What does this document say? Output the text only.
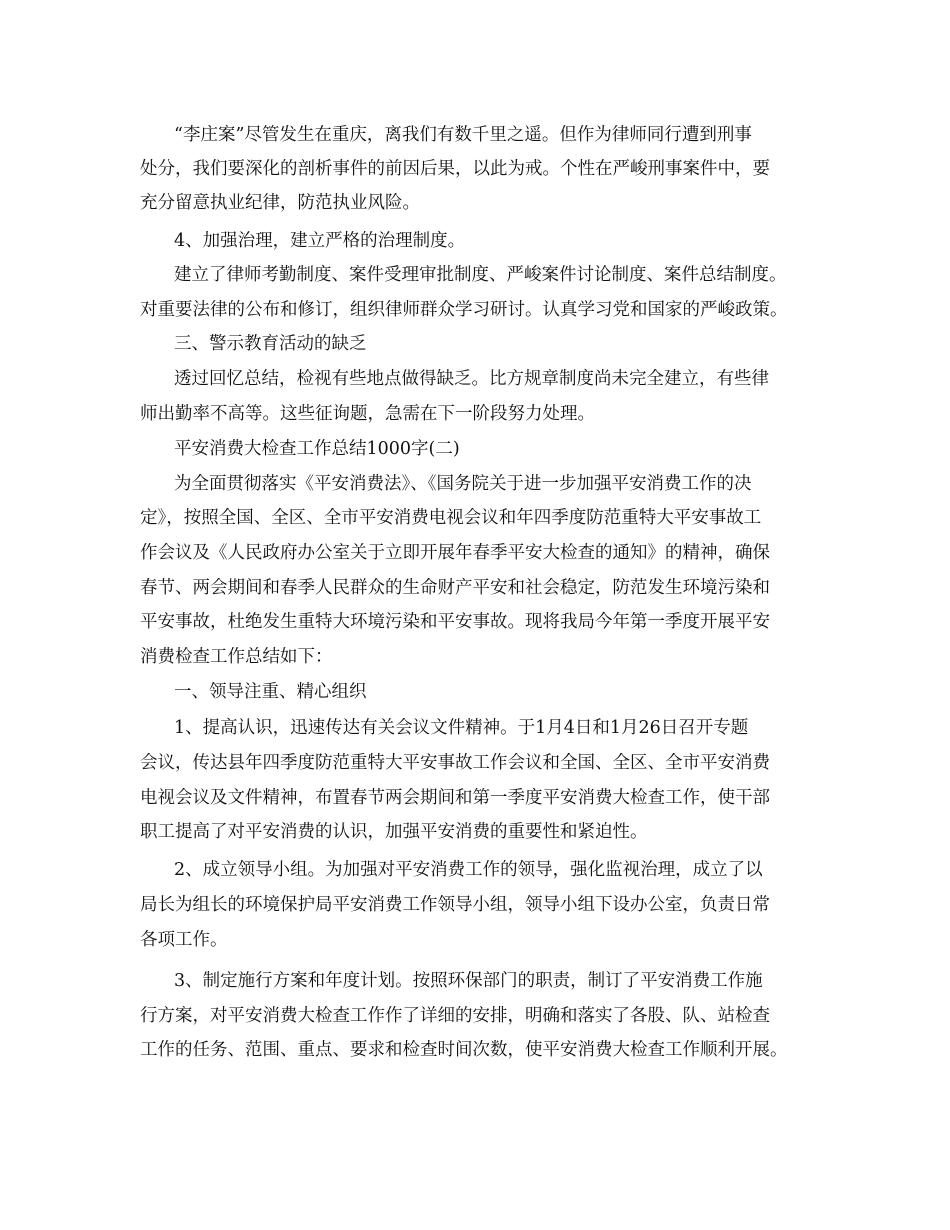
“李庄案”尽管发生在重庆，离我们有数千里之遥。但作为律师同行遭到刑事
处分，我们要深化的剖析事件的前因后果，以此为戒。个性在严峻刑事案件中，要
充分留意执业纪律，防范执业风险。
4、加强治理，建立严格的治理制度。
建立了律师考勤制度、案件受理审批制度、严峻案件讨论制度、案件总结制度。
对重要法律的公布和修订，组织律师群众学习研讨。认真学习党和国家的严峻政策。
三、警示教育活动的缺乏
透过回忆总结，检视有些地点做得缺乏。比方规章制度尚未完全建立，有些律
师出勤率不高等。这些征询题，急需在下一阶段努力处理。
平安消费大检查工作总结1000字(二)
为全面贯彻落实《平安消费法》、《国务院关于进一步加强平安消费工作的决
定》，按照全国、全区、全市平安消费电视会议和年四季度防范重特大平安事故工
作会议及《人民政府办公室关于立即开展年春季平安大检查的通知》的精神，确保
春节、两会期间和春季人民群众的生命财产平安和社会稳定，防范发生环境污染和
平安事故，杜绝发生重特大环境污染和平安事故。现将我局今年第一季度开展平安
消费检查工作总结如下：
一、领导注重、精心组织
1、提高认识，迅速传达有关会议文件精神。于1月4日和1月26日召开专题
会议，传达县年四季度防范重特大平安事故工作会议和全国、全区、全市平安消费
电视会议及文件精神，布置春节两会期间和第一季度平安消费大检查工作，使干部
职工提高了对平安消费的认识，加强平安消费的重要性和紧迫性。
2、成立领导小组。为加强对平安消费工作的领导，强化监视治理，成立了以
局长为组长的环境保护局平安消费工作领导小组，领导小组下设办公室，负责日常
各项工作。
3、制定施行方案和年度计划。按照环保部门的职责，制订了平安消费工作施
行方案，对平安消费大检查工作作了详细的安排，明确和落实了各股、队、站检查
工作的任务、范围、重点、要求和检查时间次数，使平安消费大检查工作顺利开展。
